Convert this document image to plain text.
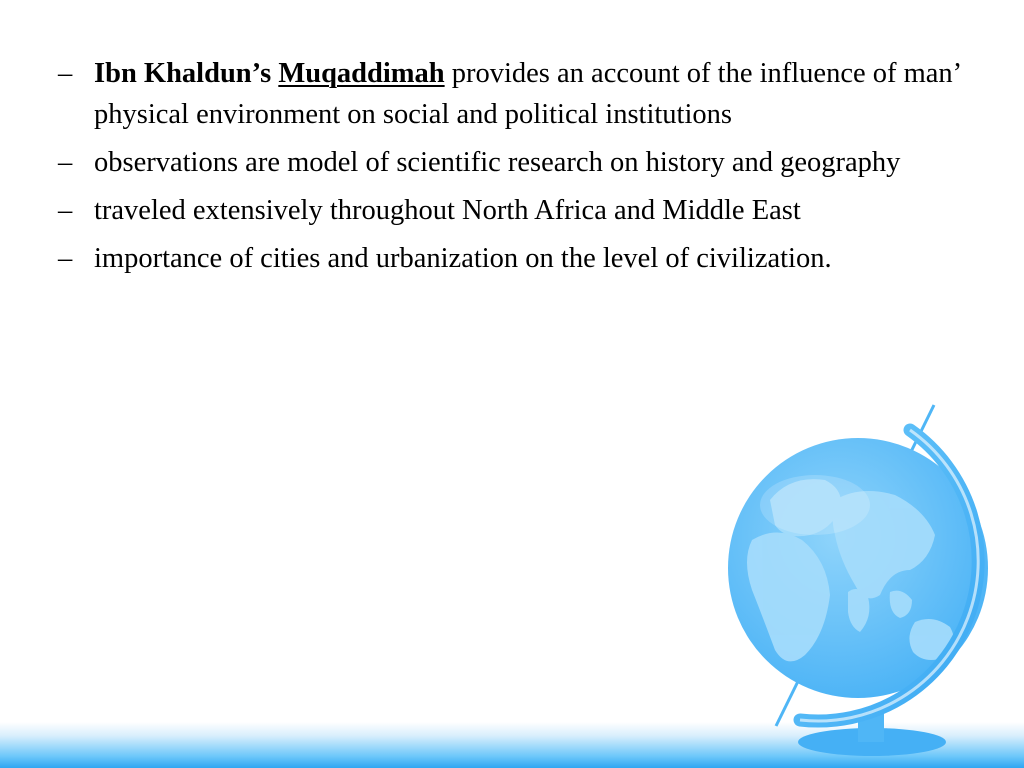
– Ibn Khaldun’s Muqaddimah provides an account of the influence of man’ physical environment on social and political institutions
– observations are model of scientific research on history and geography
– traveled extensively throughout North Africa and Middle East
– importance of cities and urbanization on the level of civilization.
